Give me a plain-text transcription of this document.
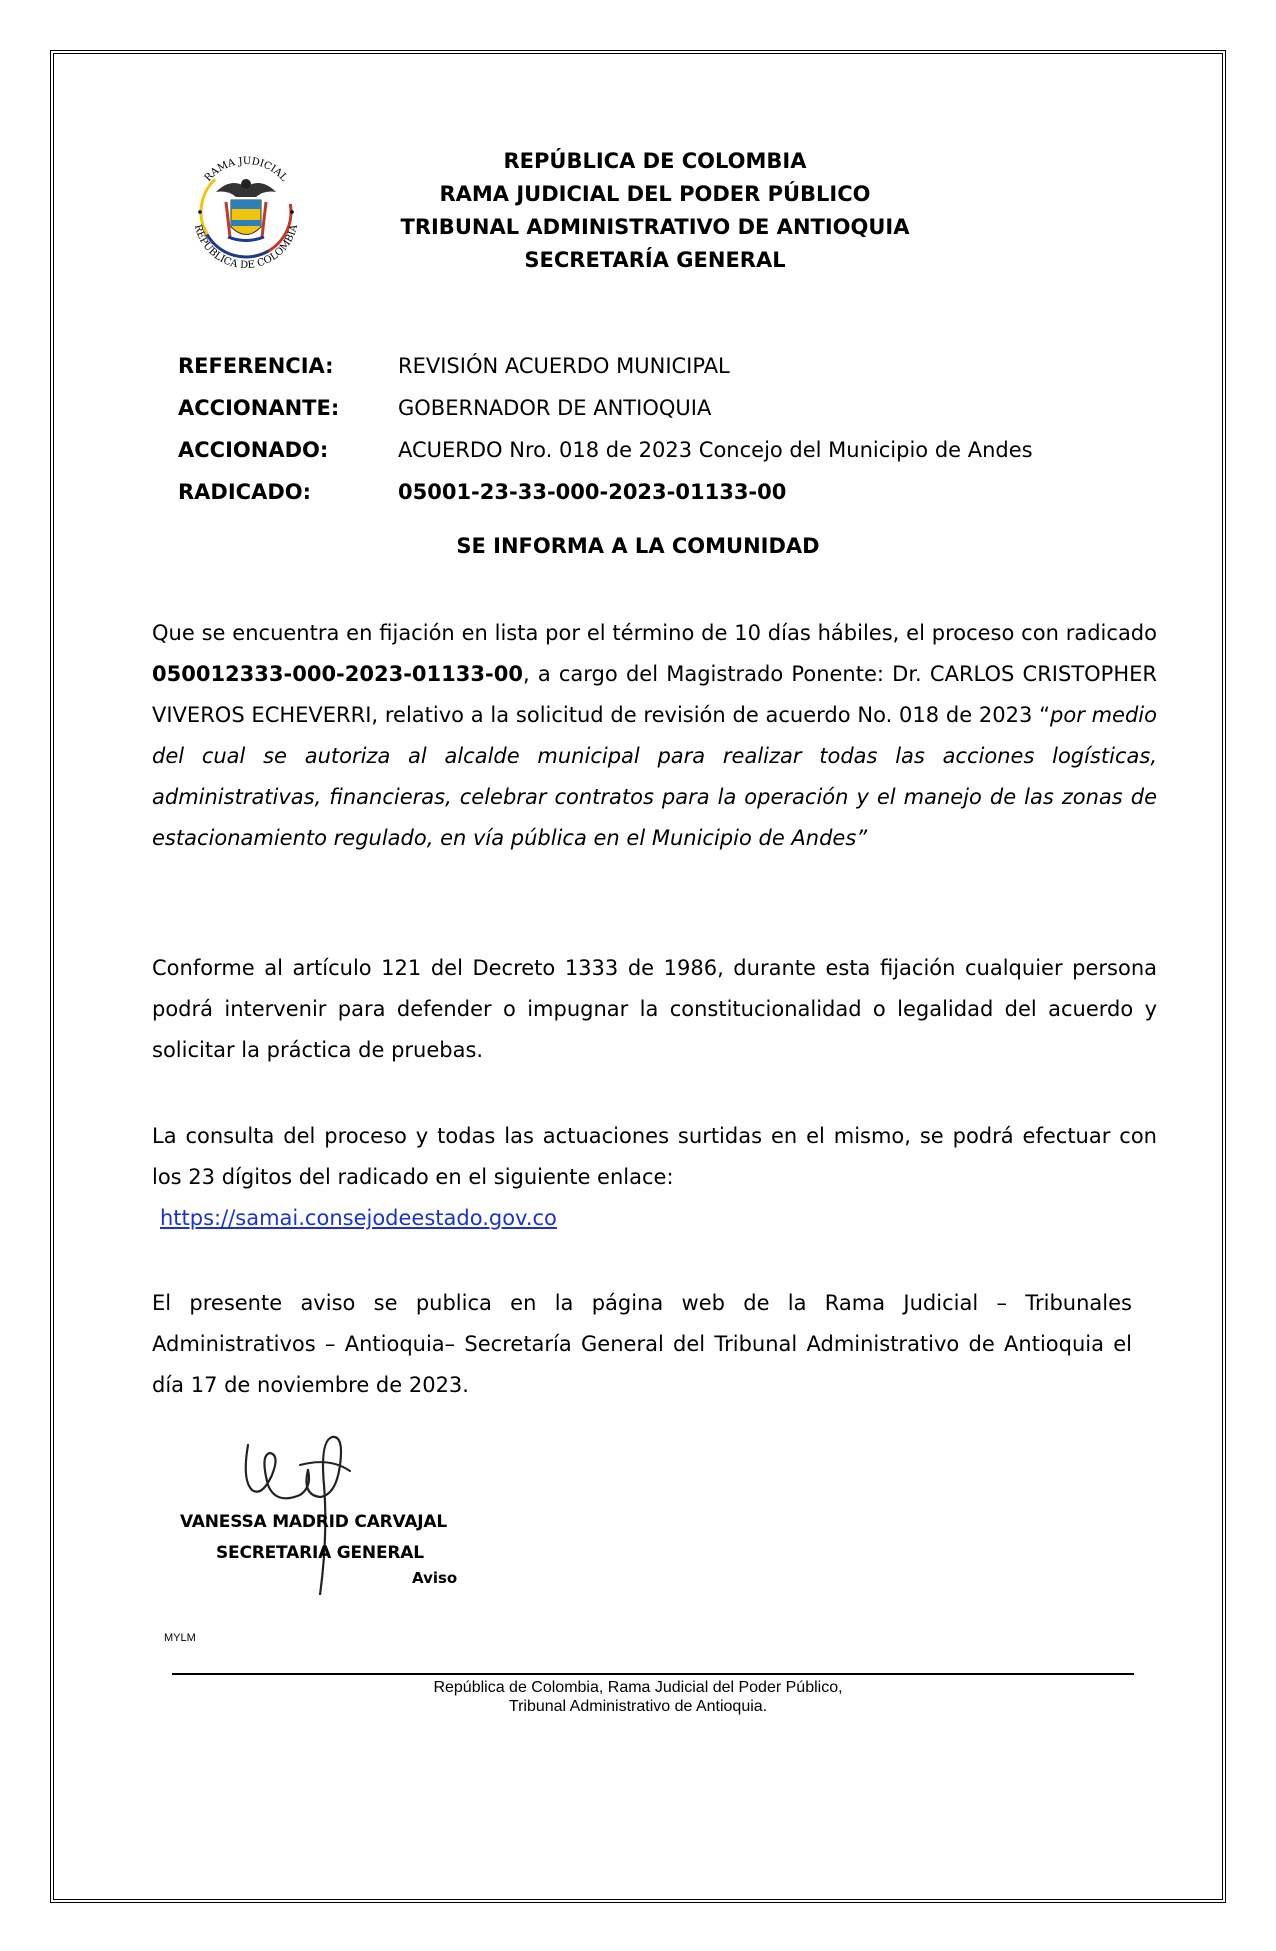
RAMA JUDICIAL
REPÚBLICA DE COLOMBIA
REPÚBLICA DE COLOMBIA
RAMA JUDICIAL DEL PODER PÚBLICO
TRIBUNAL ADMINISTRATIVO DE ANTIOQUIA
SECRETARÍA GENERAL
REFERENCIA:	REVISIÓN ACUERDO MUNICIPAL
ACCIONANTE:	GOBERNADOR DE ANTIOQUIA
ACCIONADO:	ACUERDO Nro. 018 de 2023 Concejo del Municipio de Andes
RADICADO:	05001-23-33-000-2023-01133-00
SE INFORMA A LA COMUNIDAD
Que se encuentra en fijación en lista por el término de 10 días hábiles, el proceso con radicado 050012333-000-2023-01133-00, a cargo del Magistrado Ponente: Dr. CARLOS CRISTOPHER VIVEROS ECHEVERRI, relativo a la solicitud de revisión de acuerdo No. 018 de 2023 “por medio del cual se autoriza al alcalde municipal para realizar todas las acciones logísticas, administrativas, financieras, celebrar contratos para la operación y el manejo de las zonas de estacionamiento regulado, en vía pública en el Municipio de Andes”
Conforme al artículo 121 del Decreto 1333 de 1986, durante esta fijación cualquier persona podrá intervenir para defender o impugnar la constitucionalidad o legalidad del acuerdo y solicitar la práctica de pruebas.
La consulta del proceso y todas las actuaciones surtidas en el mismo, se podrá efectuar con los 23 dígitos del radicado en el siguiente enlace:
https://samai.consejodeestado.gov.co
El presente aviso se publica en la página web de la Rama Judicial – Tribunales Administrativos – Antioquia– Secretaría General del Tribunal Administrativo de Antioquia el día 17 de noviembre de 2023.
VANESSA MADRID CARVAJAL
SECRETARIA GENERAL
Aviso
MYLM
República de Colombia, Rama Judicial del Poder Público,
Tribunal Administrativo de Antioquia.
